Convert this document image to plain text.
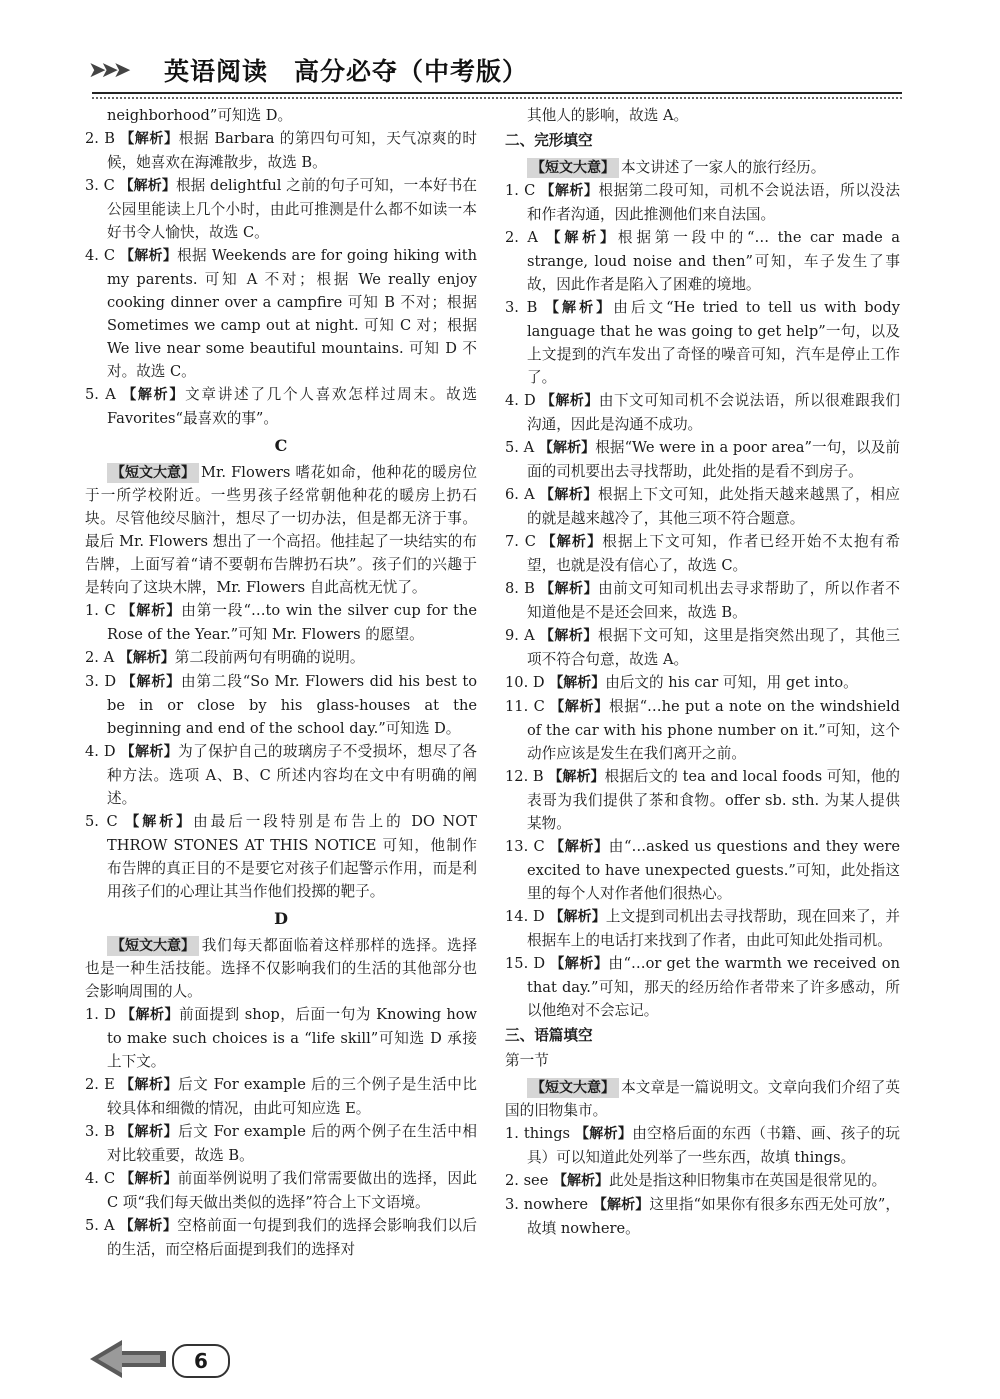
➤➤➤ 英语阅读　高分必夺（中考版）

neighborhood”可知选 D。

2. B 【解析】根据 Barbara 的第四句可知，天气凉爽的时候，她喜欢在海滩散步，故选 B。

3. C 【解析】根据 delightful 之前的句子可知，一本好书在公园里能读上几个小时，由此可推测是什么都不如读一本好书令人愉快，故选 C。

4. C 【解析】根据 Weekends are for going hiking with my parents. 可知 A 不对；根据 We really enjoy cooking dinner over a campfire 可知 B 不对；根据 Sometimes we camp out at night. 可知 C 对；根据 We live near some beautiful mountains. 可知 D 不对。故选 C。

5. A 【解析】文章讲述了几个人喜欢怎样过周末。故选 Favorites“最喜欢的事”。

C

【短文大意】 Mr. Flowers 嗜花如命，他种花的暖房位于一所学校附近。一些男孩子经常朝他种花的暖房上扔石块。尽管他绞尽脑汁，想尽了一切办法，但是都无济于事。最后 Mr. Flowers 想出了一个高招。他挂起了一块结实的布告牌，上面写着“请不要朝布告牌扔石块”。孩子们的兴趣于是转向了这块木牌，Mr. Flowers 自此高枕无忧了。

1. C 【解析】由第一段“…to win the silver cup for the Rose of the Year.”可知 Mr. Flowers 的愿望。

2. A 【解析】第二段前两句有明确的说明。

3. D 【解析】由第二段“So Mr. Flowers did his best to be in or close by his glass-houses at the beginning and end of the school day.”可知选 D。

4. D 【解析】为了保护自己的玻璃房子不受损坏，想尽了各种方法。选项 A、B、C 所述内容均在文中有明确的阐述。

5. C 【解析】由最后一段特别是布告上的 DO NOT THROW STONES AT THIS NOTICE 可知，他制作布告牌的真正目的不是要它对孩子们起警示作用，而是利用孩子们的心理让其当作他们投掷的靶子。

D

【短文大意】 我们每天都面临着这样那样的选择。选择也是一种生活技能。选择不仅影响我们的生活的其他部分也会影响周围的人。

1. D 【解析】前面提到 shop，后面一句为 Knowing how to make such choices is a “life skill”可知选 D 承接上下文。

2. E 【解析】后文 For example 后的三个例子是生活中比较具体和细微的情况，由此可知应选 E。

3. B 【解析】后文 For example 后的两个例子在生活中相对比较重要，故选 B。

4. C 【解析】前面举例说明了我们常需要做出的选择，因此 C 项“我们每天做出类似的选择”符合上下文语境。

5. A 【解析】空格前面一句提到我们的选择会影响我们以后的生活，而空格后面提到我们的选择对

其他人的影响，故选 A。

二、完形填空

【短文大意】 本文讲述了一家人的旅行经历。

1. C 【解析】根据第二段可知，司机不会说法语，所以没法和作者沟通，因此推测他们来自法国。

2. A 【解析】根据第一段中的“… the car made a strange, loud noise and then”可知，车子发生了事故，因此作者是陷入了困难的境地。

3. B 【解析】由后文“He tried to tell us with body language that he was going to get help”一句，以及上文提到的汽车发出了奇怪的噪音可知，汽车是停止工作了。

4. D 【解析】由下文可知司机不会说法语，所以很难跟我们沟通，因此是沟通不成功。

5. A 【解析】根据“We were in a poor area”一句，以及前面的司机要出去寻找帮助，此处指的是看不到房子。

6. A 【解析】根据上下文可知，此处指天越来越黑了，相应的就是越来越冷了，其他三项不符合题意。

7. C 【解析】根据上下文可知，作者已经开始不太抱有希望，也就是没有信心了，故选 C。

8. B 【解析】由前文可知司机出去寻求帮助了，所以作者不知道他是不是还会回来，故选 B。

9. A 【解析】根据下文可知，这里是指突然出现了，其他三项不符合句意，故选 A。

10. D 【解析】由后文的 his car 可知，用 get into。

11. C 【解析】根据“…he put a note on the windshield of the car with his phone number on it.”可知，这个动作应该是发生在我们离开之前。

12. B 【解析】根据后文的 tea and local foods 可知，他的表哥为我们提供了茶和食物。offer sb. sth. 为某人提供某物。

13. C 【解析】由“…asked us questions and they were excited to have unexpected guests.”可知，此处指这里的每个人对作者他们很热心。

14. D 【解析】上文提到司机出去寻找帮助，现在回来了，并根据车上的电话打来找到了作者，由此可知此处指司机。

15. D 【解析】由“…or get the warmth we received on that day.”可知，那天的经历给作者带来了许多感动，所以他绝对不会忘记。

三、语篇填空
第一节

【短文大意】 本文章是一篇说明文。文章向我们介绍了英国的旧物集市。

1. things 【解析】由空格后面的东西（书籍、画、孩子的玩具）可以知道此处列举了一些东西，故填 things。

2. see 【解析】此处是指这种旧物集市在英国是很常见的。

3. nowhere 【解析】这里指“如果你有很多东西无处可放”，故填 nowhere。

6
